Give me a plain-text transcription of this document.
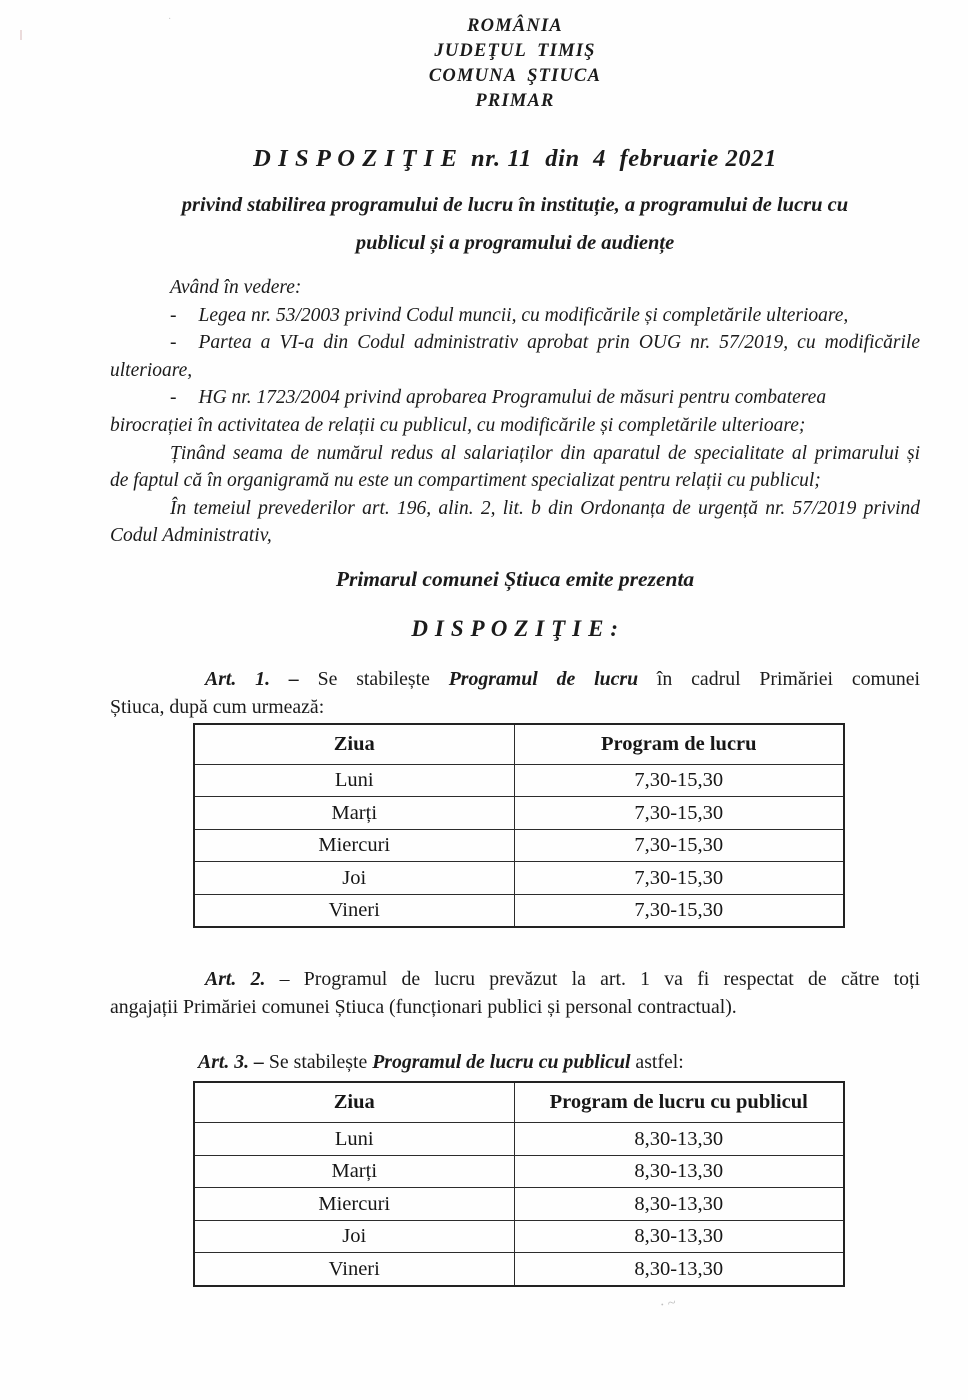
·
·~
ROMÂNIA
JUDEŢUL TIMIŞ
COMUNA ŞTIUCA
PRIMAR
D I S P O Z I Ţ I E  nr. 11  din  4  februarie 2021
privind stabilirea programului de lucru în instituție, a programului de lucru cu
publicul și a programului de audiențe
Având în vedere:
- Legea nr. 53/2003 privind Codul muncii, cu modificările și completările ulterioare,
- Partea a VI-a din Codul administrativ aprobat prin OUG nr. 57/2019, cu modificările
ulterioare,
- HG nr. 1723/2004 privind aprobarea Programului de măsuri pentru combaterea
birocrației în activitatea de relații cu publicul, cu modificările și completările ulterioare;
Ținând seama de numărul redus al salariaților din aparatul de specialitate al primarului și
de faptul că în organigramă nu este un compartiment specializat pentru relații cu publicul;
În temeiul prevederilor art. 196, alin. 2, lit. b din Ordonanța de urgență nr. 57/2019 privind
Codul Administrativ,
Primarul comunei Știuca emite prezenta
D I S P O Z I Ţ I E :
Art. 1. – Se stabilește Programul de lucru în cadrul Primăriei comunei
Știuca, după cum urmează:
Ziua	Program de lucru
Luni	7,30-15,30
Marți	7,30-15,30
Miercuri	7,30-15,30
Joi	7,30-15,30
Vineri	7,30-15,30
Art. 2. – Programul de lucru prevăzut la art. 1 va fi respectat de către toți
angajații Primăriei comunei Știuca (funcționari publici și personal contractual).
Art. 3. – Se stabilește Programul de lucru cu publicul astfel:
Ziua	Program de lucru cu publicul
Luni	8,30-13,30
Marți	8,30-13,30
Miercuri	8,30-13,30
Joi	8,30-13,30
Vineri	8,30-13,30
